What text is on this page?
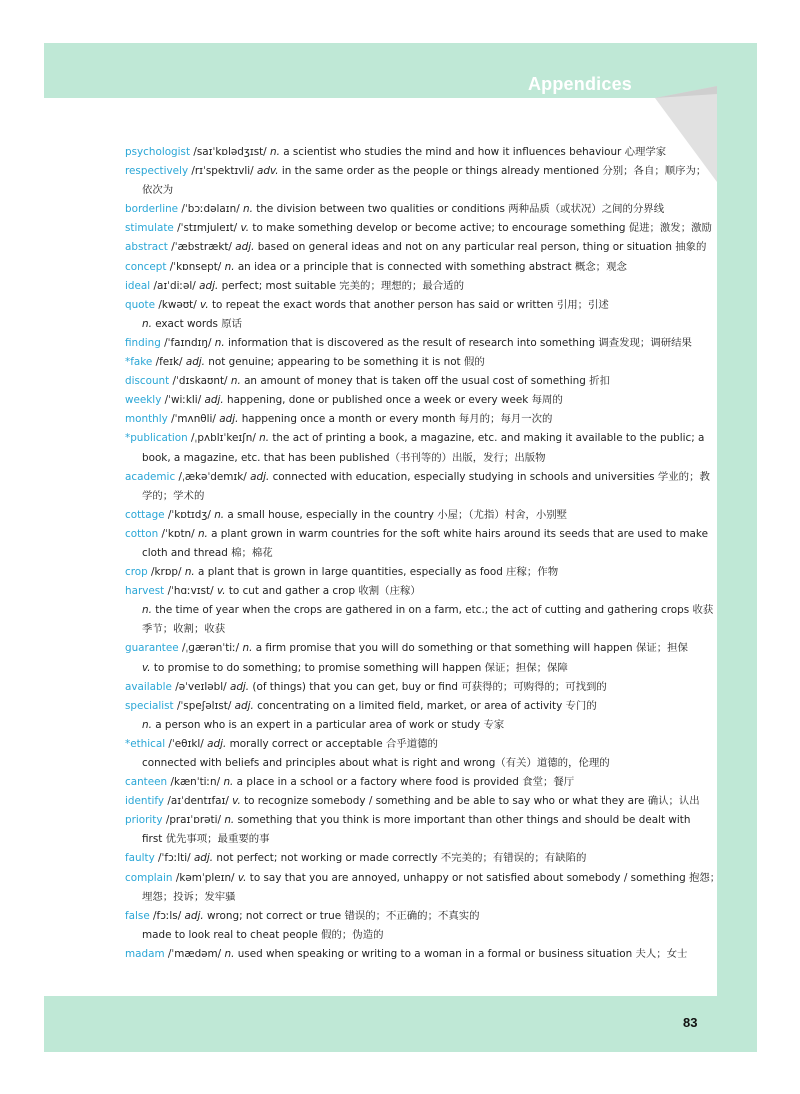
Appendices
psychologist /saɪˈkɒlədʒɪst/ n. a scientist who studies the mind and how it influences behaviour 心理学家
respectively /rɪˈspektɪvli/ adv. in the same order as the people or things already mentioned 分别；各自；顺序为；
依次为
borderline /ˈbɔːdəlaɪn/ n. the division between two qualities or conditions 两种品质（或状况）之间的分界线
stimulate /ˈstɪmjuleɪt/ v. to make something develop or become active; to encourage something 促进；激发；激励
abstract /ˈæbstrækt/ adj. based on general ideas and not on any particular real person, thing or situation 抽象的
concept /ˈkɒnsept/ n. an idea or a principle that is connected with something abstract 概念；观念
ideal /aɪˈdiːəl/ adj. perfect; most suitable 完美的；理想的；最合适的
quote /kwəʊt/ v. to repeat the exact words that another person has said or written 引用；引述
n. exact words 原话
finding /ˈfaɪndɪŋ/ n. information that is discovered as the result of research into something 调查发现；调研结果
*fake /feɪk/ adj. not genuine; appearing to be something it is not 假的
discount /ˈdɪskaʊnt/ n. an amount of money that is taken off the usual cost of something 折扣
weekly /ˈwiːkli/ adj. happening, done or published once a week or every week 每周的
monthly /ˈmʌnθli/ adj. happening once a month or every month 每月的；每月一次的
*publication /ˌpʌblɪˈkeɪʃn/ n. the act of printing a book, a magazine, etc. and making it available to the public; a
book, a magazine, etc. that has been published（书刊等的）出版，发行；出版物
academic /ˌækəˈdemɪk/ adj. connected with education, especially studying in schools and universities 学业的；教
学的；学术的
cottage /ˈkɒtɪdʒ/ n. a small house, especially in the country 小屋；（尤指）村舍，小别墅
cotton /ˈkɒtn/ n. a plant grown in warm countries for the soft white hairs around its seeds that are used to make
cloth and thread 棉；棉花
crop /krɒp/ n. a plant that is grown in large quantities, especially as food 庄稼；作物
harvest /ˈhɑːvɪst/ v. to cut and gather a crop 收割（庄稼）
n. the time of year when the crops are gathered in on a farm, etc.; the act of cutting and gathering crops 收获
季节；收割；收获
guarantee /ˌɡærənˈtiː/ n. a firm promise that you will do something or that something will happen 保证；担保
v. to promise to do something; to promise something will happen 保证；担保；保障
available /əˈveɪləbl/ adj. (of things) that you can get, buy or find 可获得的；可购得的；可找到的
specialist /ˈspeʃəlɪst/ adj. concentrating on a limited field, market, or area of activity 专门的
n. a person who is an expert in a particular area of work or study 专家
*ethical /ˈeθɪkl/ adj. morally correct or acceptable 合乎道德的
connected with beliefs and principles about what is right and wrong（有关）道德的，伦理的
canteen /kænˈtiːn/ n. a place in a school or a factory where food is provided 食堂；餐厅
identify /aɪˈdentɪfaɪ/ v. to recognize somebody / something and be able to say who or what they are 确认；认出
priority /praɪˈɒrəti/ n. something that you think is more important than other things and should be dealt with
first 优先事项；最重要的事
faulty /ˈfɔːlti/ adj. not perfect; not working or made correctly 不完美的；有错误的；有缺陷的
complain /kəmˈpleɪn/ v. to say that you are annoyed, unhappy or not satisfied about somebody / something 抱怨；
埋怨；投诉；发牢骚
false /fɔːls/ adj. wrong; not correct or true 错误的；不正确的；不真实的
made to look real to cheat people 假的；伪造的
madam /ˈmædəm/ n. used when speaking or writing to a woman in a formal or business situation 夫人；女士
83
